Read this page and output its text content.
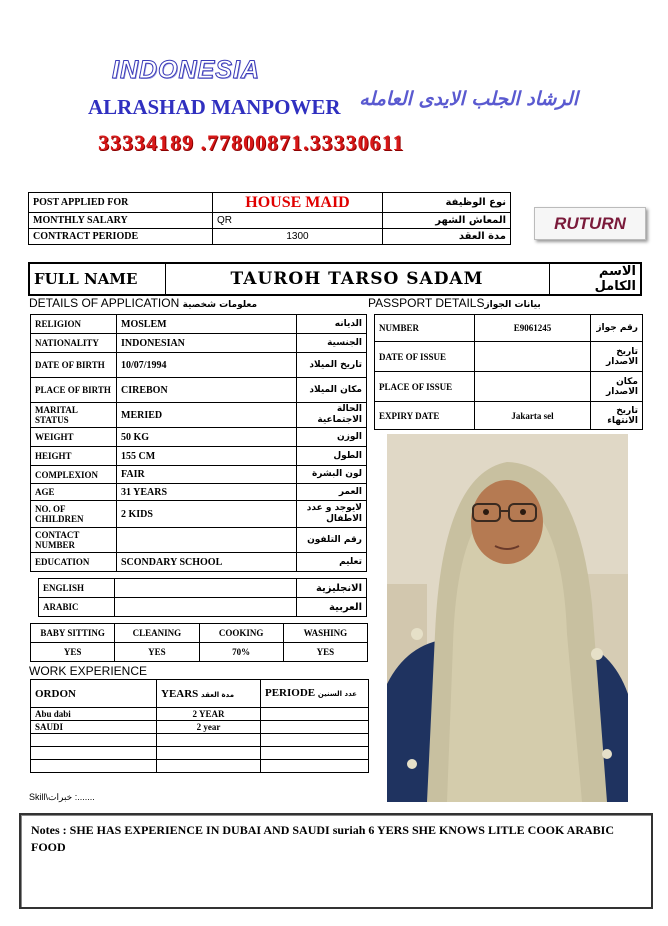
INDONESIA
ALRASHAD MANPOWER الرشاد الجلب الايدى العامله
33334189 .77800871.33330611
POST APPLIED FOR	HOUSE MAID	نوع الوظيفة
MONTHLY SALARY	QR	المعاش الشهر
CONTRACT PERIODE	1300	مدة العقد
RUTURN
FULL NAME	TAUROH TARSO SADAM	الاسم الكامل
DETAILS OF APPLICATION معلومات شخصية
RELIGION	MOSLEM	الديانه
NATIONALITY	INDONESIAN	الجنسية
DATE OF BIRTH	10/07/1994	تاريخ الميلاد
PLACE OF BIRTH	CIREBON	مكان الميلاد
MARITAL STATUS	MERIED	الحالة الاجتماعية
WEIGHT	50 KG	الوزن
HEIGHT	155 CM	الطول
COMPLEXION	FAIR	لون البشرة
AGE	31 YEARS	العمر
NO. OF CHILDREN	2 KIDS	لايوجد و عدد الاطفال
CONTACT NUMBER		رقم التلفون
EDUCATION	SCONDARY SCHOOL	تعليم
ENGLISH		الانجليزية
ARABIC		العربية
BABY SITTING	CLEANING	COOKING	WASHING
YES	YES	70%	YES
WORK EXPERIENCE
ORDON	YEARS مدة العقد	PERIODE عدد السنين
Abu dabi	2 YEAR	
SAUDI	2 year	

Skill\خبرات :.......
PASSPORT DETAILSبيانات الجواز
NUMBER	E9061245	رقم جواز
DATE OF ISSUE		تاريخ الاصدار
PLACE OF ISSUE		مكان الاصدار
EXPIRY DATE	Jakarta sel	تاريخ الانتهاء
Notes : SHE HAS EXPERIENCE IN DUBAI AND SAUDI suriah 6 YERS SHE KNOWS LITLE COOK ARABIC FOOD
